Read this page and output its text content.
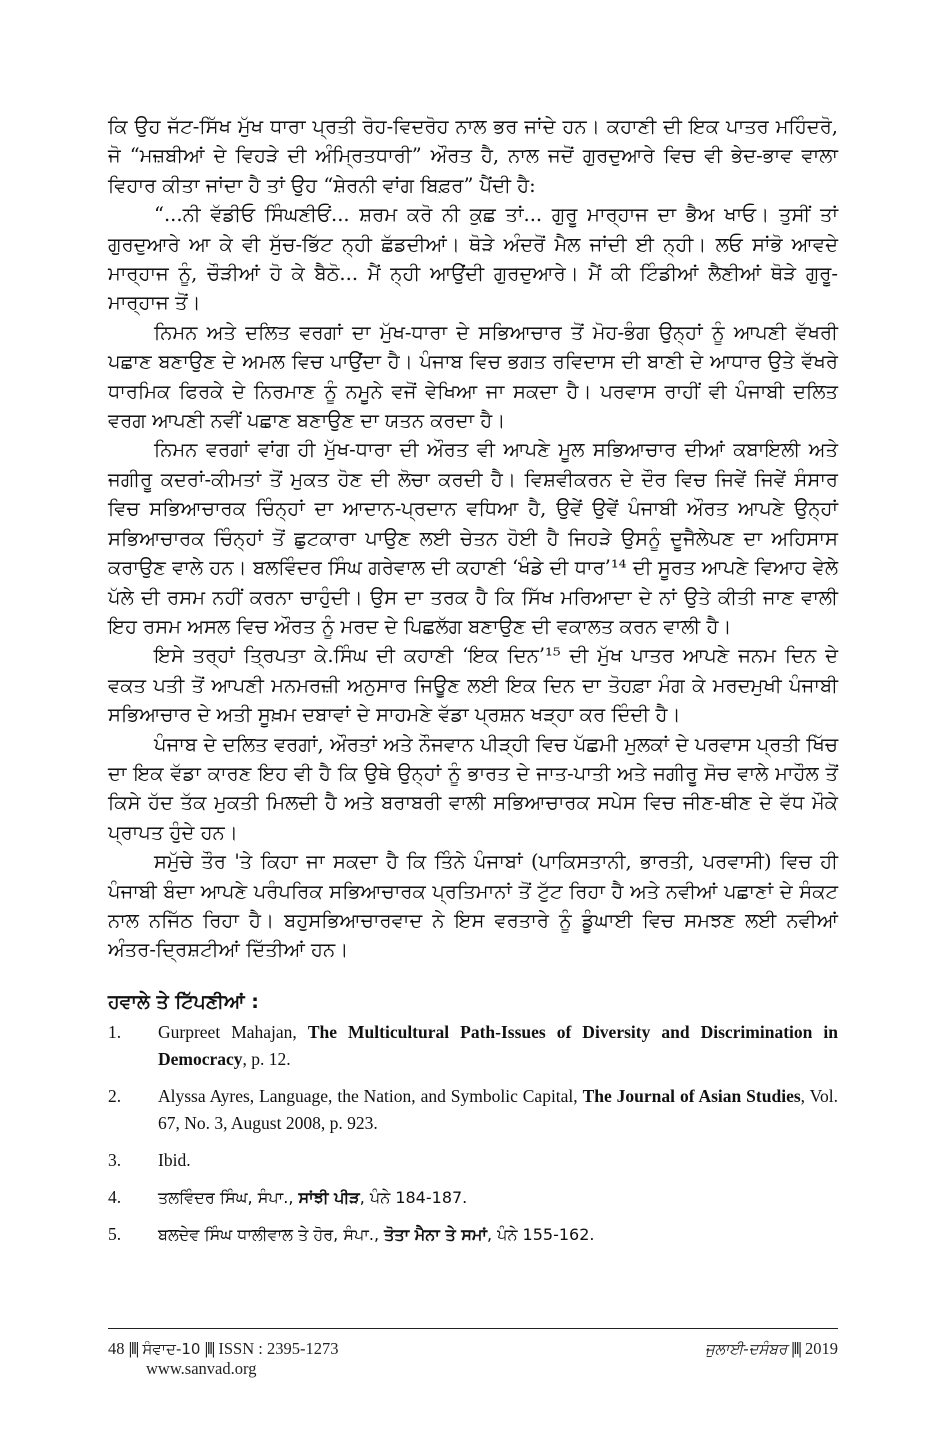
ਕਿ ਉਹ ਜੱਟ-ਸਿੱਖ ਮੁੱਖ ਧਾਰਾ ਪ੍ਰਤੀ ਰੋਹ-ਵਿਦਰੋਹ ਨਾਲ ਭਰ ਜਾਂਦੇ ਹਨ। ਕਹਾਣੀ ਦੀ ਇਕ ਪਾਤਰ ਮਹਿੰਦਰੋ, ਜੋ “ਮਜ਼ਬੀਆਂ ਦੇ ਵਿਹੜੇ ਦੀ ਅੰਮ੍ਰਿਤਧਾਰੀ” ਔਰਤ ਹੈ, ਨਾਲ ਜਦੋਂ ਗੁਰਦੁਆਰੇ ਵਿਚ ਵੀ ਭੇਦ-ਭਾਵ ਵਾਲਾ ਵਿਹਾਰ ਕੀਤਾ ਜਾਂਦਾ ਹੈ ਤਾਂ ਉਹ “ਸ਼ੇਰਨੀ ਵਾਂਗ ਬਿਫ਼ਰ” ਪੈਂਦੀ ਹੈ:

“...ਨੀ ਵੱਡੀਓ ਸਿੰਘਣੀਓਂ... ਸ਼ਰਮ ਕਰੋ ਨੀ ਕੁਛ ਤਾਂ... ਗੁਰੂ ਮਾਰ੍ਹਾਜ ਦਾ ਭੈਅ ਖਾਓ। ਤੁਸੀਂ ਤਾਂ ਗੁਰਦੁਆਰੇ ਆ ਕੇ ਵੀ ਸੁੱਚ-ਭਿੱਟ ਨ੍ਹੀ ਛੱਡਦੀਆਂ। ਥੋੜੇ ਅੰਦਰੋਂ ਮੈਲ ਜਾਂਦੀ ਈ ਨ੍ਹੀ। ਲਓ ਸਾਂਭੋ ਆਵਦੇ ਮਾਰ੍ਹਾਜ ਨੂੰ, ਚੌੜੀਆਂ ਹੋ ਕੇ ਬੈਠੋ... ਮੈਂ ਨ੍ਹੀ ਆਉਂਦੀ ਗੁਰਦੁਆਰੇ। ਮੈਂ ਕੀ ਟਿੰਡੀਆਂ ਲੈਣੀਆਂ ਥੋੜੇ ਗੁਰੂ-ਮਾਰ੍ਹਾਜ ਤੋਂ।

ਨਿਮਨ ਅਤੇ ਦਲਿਤ ਵਰਗਾਂ ਦਾ ਮੁੱਖ-ਧਾਰਾ ਦੇ ਸਭਿਆਚਾਰ ਤੋਂ ਮੋਹ-ਭੰਗ ਉਨ੍ਹਾਂ ਨੂੰ ਆਪਣੀ ਵੱਖਰੀ ਪਛਾਣ ਬਣਾਉਣ ਦੇ ਅਮਲ ਵਿਚ ਪਾਉਂਦਾ ਹੈ। ਪੰਜਾਬ ਵਿਚ ਭਗਤ ਰਵਿਦਾਸ ਦੀ ਬਾਣੀ ਦੇ ਆਧਾਰ ਉਤੇ ਵੱਖਰੇ ਧਾਰਮਿਕ ਫਿਰਕੇ ਦੇ ਨਿਰਮਾਣ ਨੂੰ ਨਮੂਨੇ ਵਜੋਂ ਵੇਖਿਆ ਜਾ ਸਕਦਾ ਹੈ। ਪਰਵਾਸ ਰਾਹੀਂ ਵੀ ਪੰਜਾਬੀ ਦਲਿਤ ਵਰਗ ਆਪਣੀ ਨਵੀਂ ਪਛਾਣ ਬਣਾਉਣ ਦਾ ਯਤਨ ਕਰਦਾ ਹੈ।

ਨਿਮਨ ਵਰਗਾਂ ਵਾਂਗ ਹੀ ਮੁੱਖ-ਧਾਰਾ ਦੀ ਔਰਤ ਵੀ ਆਪਣੇ ਮੂਲ ਸਭਿਆਚਾਰ ਦੀਆਂ ਕਬਾਇਲੀ ਅਤੇ ਜਗੀਰੂ ਕਦਰਾਂ-ਕੀਮਤਾਂ ਤੋਂ ਮੁਕਤ ਹੋਣ ਦੀ ਲੋਚਾ ਕਰਦੀ ਹੈ। ਵਿਸ਼ਵੀਕਰਨ ਦੇ ਦੌਰ ਵਿਚ ਜਿਵੇਂ ਜਿਵੇਂ ਸੰਸਾਰ ਵਿਚ ਸਭਿਆਚਾਰਕ ਚਿੰਨ੍ਹਾਂ ਦਾ ਆਦਾਨ-ਪ੍ਰਦਾਨ ਵਧਿਆ ਹੈ, ਉਵੇਂ ਉਵੇਂ ਪੰਜਾਬੀ ਔਰਤ ਆਪਣੇ ਉਨ੍ਹਾਂ ਸਭਿਆਚਾਰਕ ਚਿੰਨ੍ਹਾਂ ਤੋਂ ਛੁਟਕਾਰਾ ਪਾਉਣ ਲਈ ਚੇਤਨ ਹੋਈ ਹੈ ਜਿਹੜੇ ਉਸਨੂੰ ਦੂਜੈਲੇਪਣ ਦਾ ਅਹਿਸਾਸ ਕਰਾਉਣ ਵਾਲੇ ਹਨ। ਬਲਵਿੰਦਰ ਸਿੰਘ ਗਰੇਵਾਲ ਦੀ ਕਹਾਣੀ ‘ਖੰਡੇ ਦੀ ਧਾਰ’¹⁴ ਦੀ ਸੂਰਤ ਆਪਣੇ ਵਿਆਹ ਵੇਲੇ ਪੱਲੇ ਦੀ ਰਸਮ ਨਹੀਂ ਕਰਨਾ ਚਾਹੁੰਦੀ। ਉਸ ਦਾ ਤਰਕ ਹੈ ਕਿ ਸਿੱਖ ਮਰਿਆਦਾ ਦੇ ਨਾਂ ਉਤੇ ਕੀਤੀ ਜਾਣ ਵਾਲੀ ਇਹ ਰਸਮ ਅਸਲ ਵਿਚ ਔਰਤ ਨੂੰ ਮਰਦ ਦੇ ਪਿਛਲੱਗ ਬਣਾਉਣ ਦੀ ਵਕਾਲਤ ਕਰਨ ਵਾਲੀ ਹੈ।

ਇਸੇ ਤਰ੍ਹਾਂ ਤ੍ਰਿਪਤਾ ਕੇ.ਸਿੰਘ ਦੀ ਕਹਾਣੀ ‘ਇਕ ਦਿਨ’¹⁵ ਦੀ ਮੁੱਖ ਪਾਤਰ ਆਪਣੇ ਜਨਮ ਦਿਨ ਦੇ ਵਕਤ ਪਤੀ ਤੋਂ ਆਪਣੀ ਮਨਮਰਜ਼ੀ ਅਨੁਸਾਰ ਜਿਊਣ ਲਈ ਇਕ ਦਿਨ ਦਾ ਤੋਹਫ਼ਾ ਮੰਗ ਕੇ ਮਰਦਮੁਖੀ ਪੰਜਾਬੀ ਸਭਿਆਚਾਰ ਦੇ ਅਤੀ ਸੂਖ਼ਮ ਦਬਾਵਾਂ ਦੇ ਸਾਹਮਣੇ ਵੱਡਾ ਪ੍ਰਸ਼ਨ ਖੜ੍ਹਾ ਕਰ ਦਿੰਦੀ ਹੈ।

ਪੰਜਾਬ ਦੇ ਦਲਿਤ ਵਰਗਾਂ, ਔਰਤਾਂ ਅਤੇ ਨੌਜਵਾਨ ਪੀੜ੍ਹੀ ਵਿਚ ਪੱਛਮੀ ਮੁਲਕਾਂ ਦੇ ਪਰਵਾਸ ਪ੍ਰਤੀ ਖਿੱਚ ਦਾ ਇਕ ਵੱਡਾ ਕਾਰਣ ਇਹ ਵੀ ਹੈ ਕਿ ਉਥੇ ਉਨ੍ਹਾਂ ਨੂੰ ਭਾਰਤ ਦੇ ਜਾਤ-ਪਾਤੀ ਅਤੇ ਜਗੀਰੂ ਸੋਚ ਵਾਲੇ ਮਾਹੌਲ ਤੋਂ ਕਿਸੇ ਹੱਦ ਤੱਕ ਮੁਕਤੀ ਮਿਲਦੀ ਹੈ ਅਤੇ ਬਰਾਬਰੀ ਵਾਲੀ ਸਭਿਆਚਾਰਕ ਸਪੇਸ ਵਿਚ ਜੀਣ-ਥੀਣ ਦੇ ਵੱਧ ਮੌਕੇ ਪ੍ਰਾਪਤ ਹੁੰਦੇ ਹਨ।

ਸਮੁੱਚੇ ਤੌਰ 'ਤੇ ਕਿਹਾ ਜਾ ਸਕਦਾ ਹੈ ਕਿ ਤਿੰਨੇ ਪੰਜਾਬਾਂ (ਪਾਕਿਸਤਾਨੀ, ਭਾਰਤੀ, ਪਰਵਾਸੀ) ਵਿਚ ਹੀ ਪੰਜਾਬੀ ਬੰਦਾ ਆਪਣੇ ਪਰੰਪਰਿਕ ਸਭਿਆਚਾਰਕ ਪ੍ਰਤਿਮਾਨਾਂ ਤੋਂ ਟੁੱਟ ਰਿਹਾ ਹੈ ਅਤੇ ਨਵੀਆਂ ਪਛਾਣਾਂ ਦੇ ਸੰਕਟ ਨਾਲ ਨਜਿੱਠ ਰਿਹਾ ਹੈ। ਬਹੁਸਭਿਆਚਾਰਵਾਦ ਨੇ ਇਸ ਵਰਤਾਰੇ ਨੂੰ ਡੂੰਘਾਈ ਵਿਚ ਸਮਝਣ ਲਈ ਨਵੀਆਂ ਅੰਤਰ-ਦ੍ਰਿਸ਼ਟੀਆਂ ਦਿੱਤੀਆਂ ਹਨ।

ਹਵਾਲੇ ਤੇ ਟਿੱਪਣੀਆਂ :
1.	Gurpreet Mahajan, The Multicultural Path-Issues of Diversity and Discrimination in Democracy, p. 12.
2.	Alyssa Ayres, Language, the Nation, and Symbolic Capital, The Journal of Asian Studies, Vol. 67, No. 3, August 2008, p. 923.
3.	Ibid.
4.	ਤਲਵਿੰਦਰ ਸਿੰਘ, ਸੰਪਾ., ਸਾਂਝੀ ਪੀੜ, ਪੰਨੇ 184-187.
5.	ਬਲਦੇਵ ਸਿੰਘ ਧਾਲੀਵਾਲ ਤੇ ਹੋਰ, ਸੰਪਾ., ਤੋਤਾ ਮੈਨਾ ਤੇ ਸਮਾਂ, ਪੰਨੇ 155-162.
48 |‖| ਸੰਵਾਦ-10 |‖| ISSN : 2395-1273	ਜੁਲਾਈ-ਦਸੰਬਰ |‖| 2019
www.sanvad.org
